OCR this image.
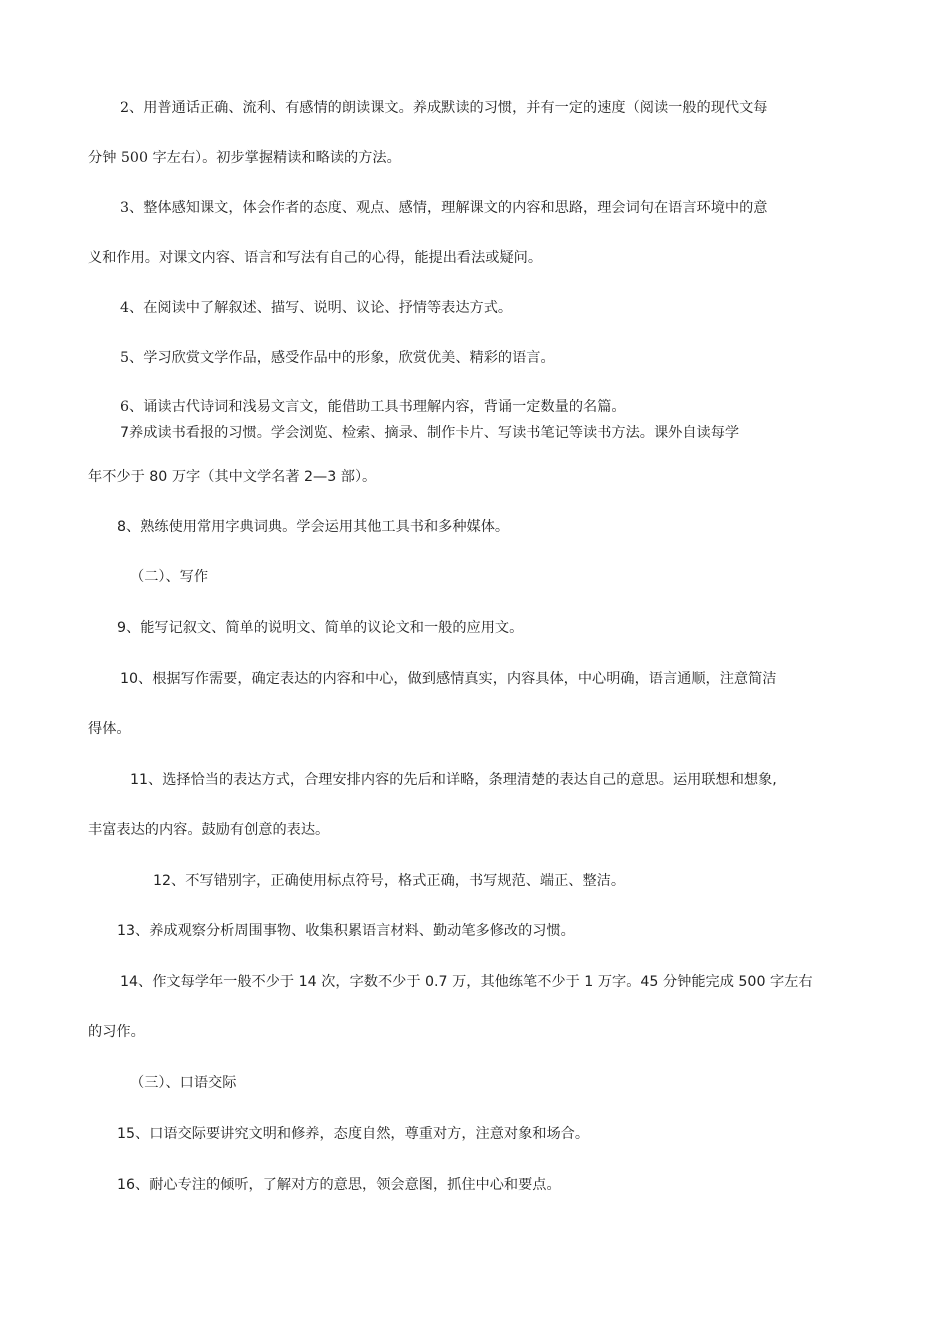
2、用普通话正确、流利、有感情的朗读课文。养成默读的习惯，并有一定的速度（阅读一般的现代文每
分钟 500 字左右）。初步掌握精读和略读的方法。
3、整体感知课文，体会作者的态度、观点、感情，理解课文的内容和思路，理会词句在语言环境中的意
义和作用。对课文内容、语言和写法有自己的心得，能提出看法或疑问。
4、在阅读中了解叙述、描写、说明、议论、抒情等表达方式。
5、学习欣赏文学作品，感受作品中的形象，欣赏优美、精彩的语言。
6、诵读古代诗词和浅易文言文，能借助工具书理解内容，背诵一定数量的名篇。
7养成读书看报的习惯。学会浏览、检索、摘录、制作卡片、写读书笔记等读书方法。课外自读每学
年不少于 80 万字（其中文学名著 2—3 部）。
8、熟练使用常用字典词典。学会运用其他工具书和多种媒体。
（二）、写作
9、能写记叙文、简单的说明文、简单的议论文和一般的应用文。
10、根据写作需要，确定表达的内容和中心，做到感情真实，内容具体，中心明确，语言通顺，注意简洁
得体。
11、选择恰当的表达方式，合理安排内容的先后和详略，条理清楚的表达自己的意思。运用联想和想象,
丰富表达的内容。鼓励有创意的表达。
12、不写错别字，正确使用标点符号，格式正确，书写规范、端正、整洁。
13、养成观察分析周围事物、收集积累语言材料、勤动笔多修改的习惯。
14、作文每学年一般不少于 14 次，字数不少于 0.7 万，其他练笔不少于 1 万字。45 分钟能完成 500 字左右
的习作。
（三）、口语交际
15、口语交际要讲究文明和修养，态度自然，尊重对方，注意对象和场合。
16、耐心专注的倾听，了解对方的意思，领会意图，抓住中心和要点。
